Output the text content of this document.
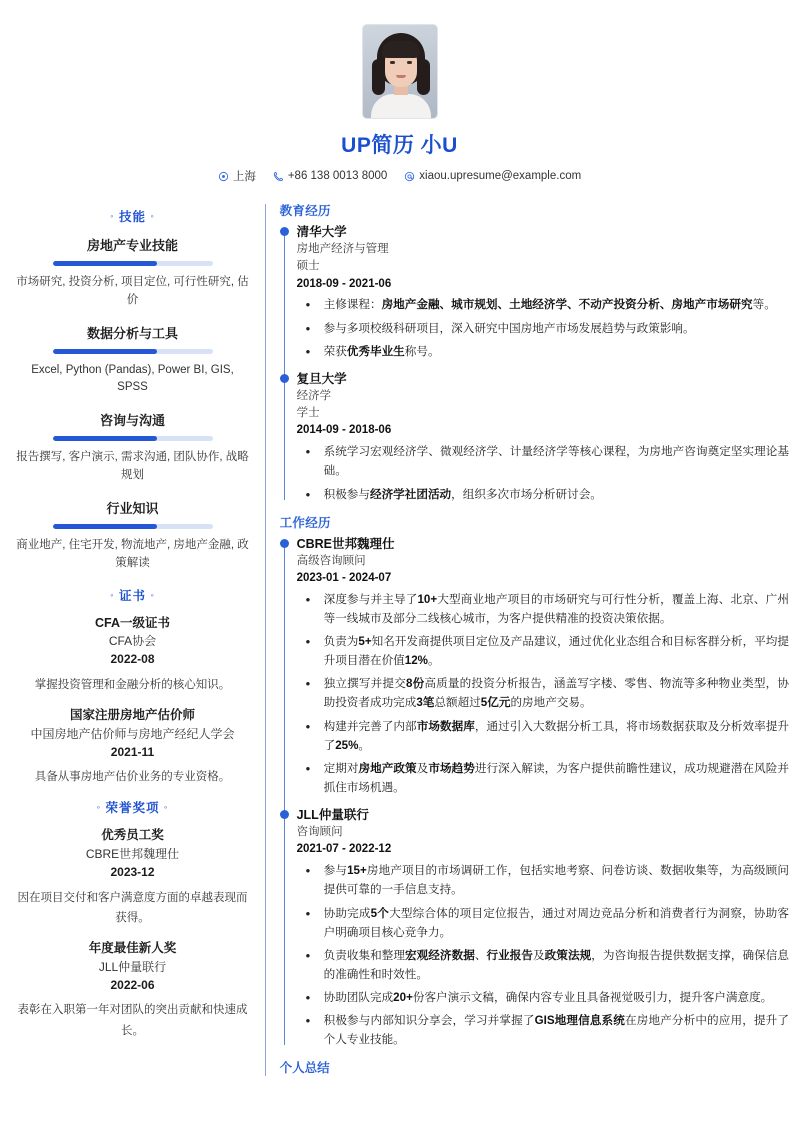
UP简历 小U
上海	+86 138 0013 8000	xiaou.upresume@example.com
◦ 技能 ◦
房地产专业技能
市场研究, 投资分析, 项目定位, 可行性研究, 估价
数据分析与工具
Excel, Python (Pandas), Power BI, GIS, SPSS
咨询与沟通
报告撰写, 客户演示, 需求沟通, 团队协作, 战略规划
行业知识
商业地产, 住宅开发, 物流地产, 房地产金融, 政策解读
◦ 证书 ◦
CFA一级证书
CFA协会
2022-08
掌握投资管理和金融分析的核心知识。
国家注册房地产估价师
中国房地产估价师与房地产经纪人学会
2021-11
具备从事房地产估价业务的专业资格。
◦ 荣誉奖项 ◦
优秀员工奖
CBRE世邦魏理仕
2023-12
因在项目交付和客户满意度方面的卓越表现而获得。
年度最佳新人奖
JLL仲量联行
2022-06
表彰在入职第一年对团队的突出贡献和快速成长。
教育经历
清华大学
房地产经济与管理
硕士
2018-09 - 2021-06
• 主修课程：房地产金融、城市规划、土地经济学、不动产投资分析、房地产市场研究等。
• 参与多项校级科研项目，深入研究中国房地产市场发展趋势与政策影响。
• 荣获优秀毕业生称号。
复旦大学
经济学
学士
2014-09 - 2018-06
• 系统学习宏观经济学、微观经济学、计量经济学等核心课程，为房地产咨询奠定坚实理论基础。
• 积极参与经济学社团活动，组织多次市场分析研讨会。
工作经历
CBRE世邦魏理仕
高级咨询顾问
2023-01 - 2024-07
• 深度参与并主导了10+大型商业地产项目的市场研究与可行性分析，覆盖上海、北京、广州等一线城市及部分二线核心城市，为客户提供精准的投资决策依据。
• 负责为5+知名开发商提供项目定位及产品建议，通过优化业态组合和目标客群分析，平均提升项目潜在价值12%。
• 独立撰写并提交8份高质量的投资分析报告，涵盖写字楼、零售、物流等多种物业类型，协助投资者成功完成3笔总额超过5亿元的房地产交易。
• 构建并完善了内部市场数据库，通过引入大数据分析工具，将市场数据获取及分析效率提升了25%。
• 定期对房地产政策及市场趋势进行深入解读，为客户提供前瞻性建议，成功规避潜在风险并抓住市场机遇。
JLL仲量联行
咨询顾问
2021-07 - 2022-12
• 参与15+房地产项目的市场调研工作，包括实地考察、问卷访谈、数据收集等，为高级顾问提供可靠的一手信息支持。
• 协助完成5个大型综合体的项目定位报告，通过对周边竞品分析和消费者行为洞察，协助客户明确项目核心竞争力。
• 负责收集和整理宏观经济数据、行业报告及政策法规，为咨询报告提供数据支撑，确保信息的准确性和时效性。
• 协助团队完成20+份客户演示文稿，确保内容专业且具备视觉吸引力，提升客户满意度。
• 积极参与内部知识分享会，学习并掌握了GIS地理信息系统在房地产分析中的应用，提升了个人专业技能。
个人总结
